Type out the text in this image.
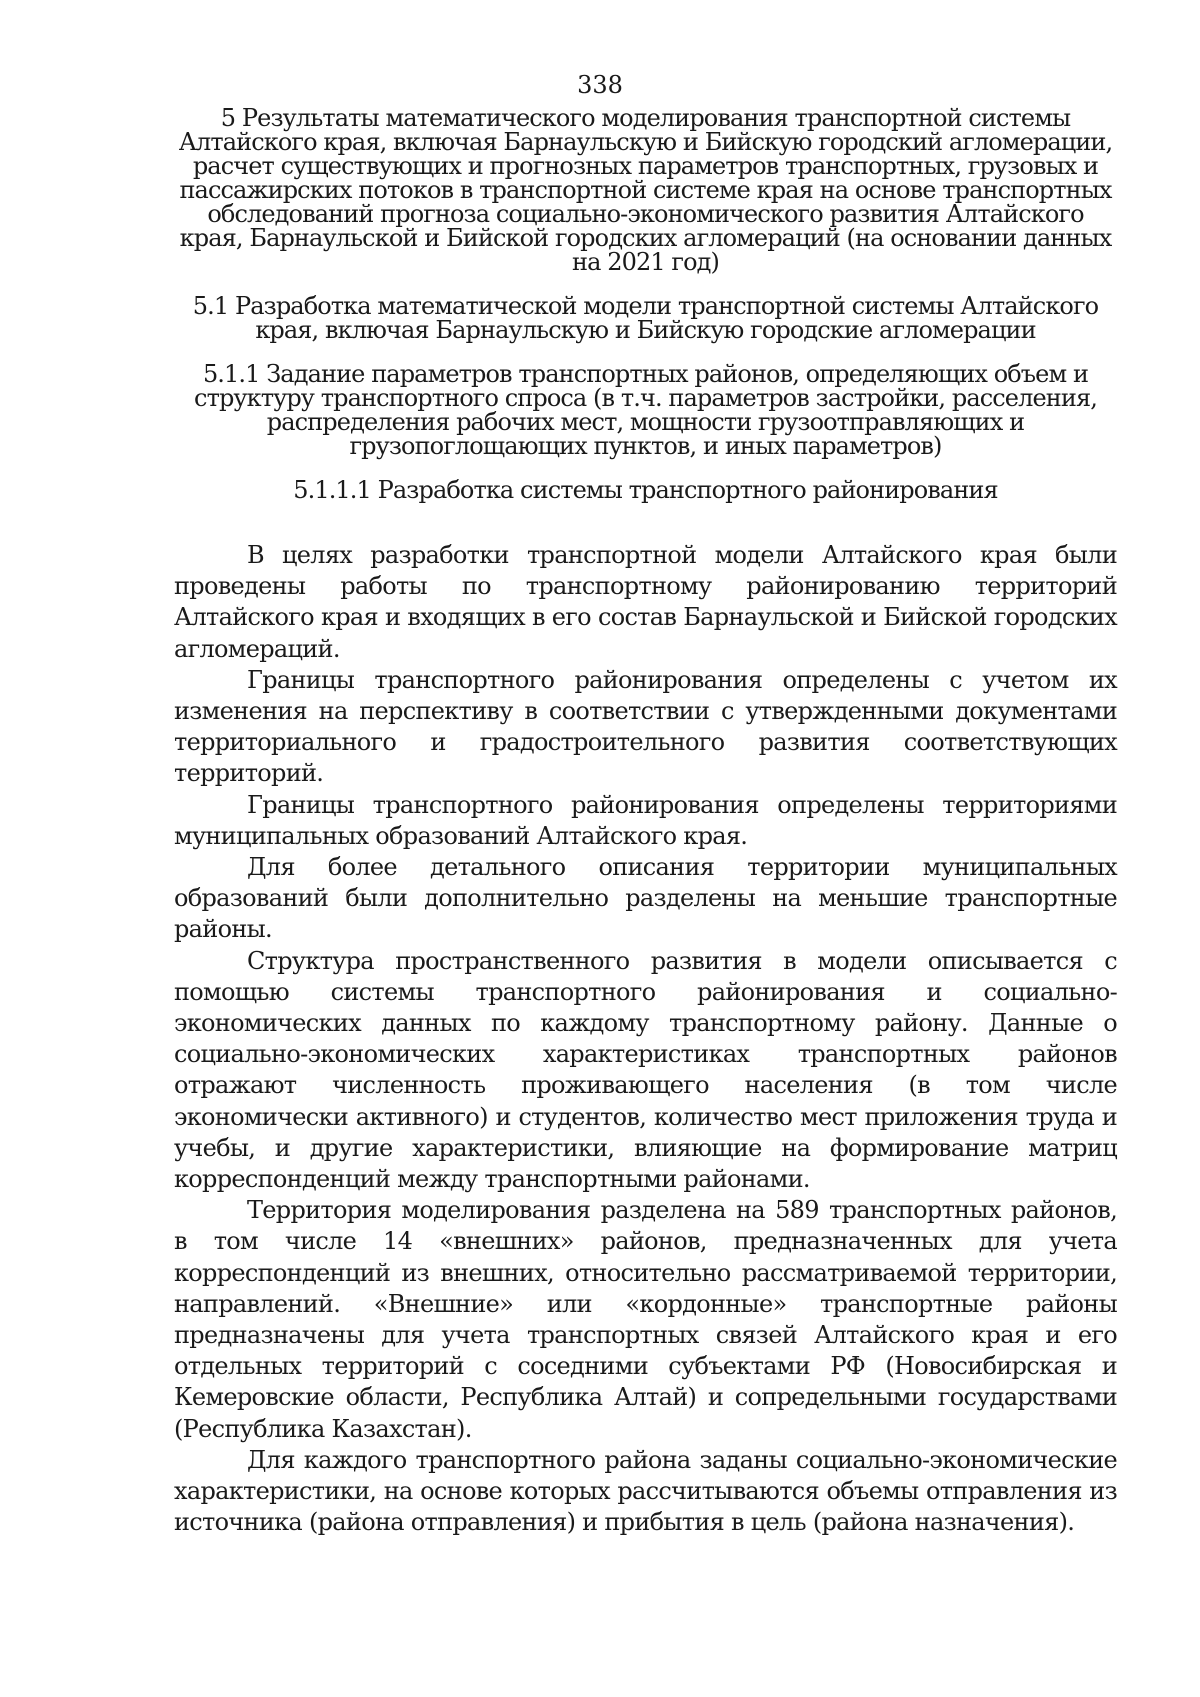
338
5 Результаты математического моделирования транспортной системы Алтайского края, включая Барнаульскую и Бийскую городский агломерации, расчет существующих и прогнозных параметров транспортных, грузовых и пассажирских потоков в транспортной системе края на основе транспортных обследований прогноза социально-экономического развития Алтайского края, Барнаульской и Бийской городских агломераций (на основании данных на 2021 год)
5.1 Разработка математической модели транспортной системы Алтайского края, включая Барнаульскую и Бийскую городские агломерации
5.1.1 Задание параметров транспортных районов, определяющих объем и структуру транспортного спроса (в т.ч. параметров застройки, расселения, распределения рабочих мест, мощности грузоотправляющих и грузопоглощающих пунктов, и иных параметров)
5.1.1.1 Разработка системы транспортного районирования

В целях разработки транспортной модели Алтайского края были проведены работы по транспортному районированию территорий Алтайского края и входящих в его состав Барнаульской и Бийской городских агломераций.

Границы транспортного районирования определены с учетом их изменения на перспективу в соответствии с утвержденными документами территориального и градостроительного развития соответствующих территорий.

Границы транспортного районирования определены территориями муниципальных образований Алтайского края.

Для более детального описания территории муниципальных образований были дополнительно разделены на меньшие транспортные районы.

Структура пространственного развития в модели описывается с помощью системы транспортного районирования и социально-экономических данных по каждому транспортному району. Данные о социально-экономических характеристиках транспортных районов отражают численность проживающего населения (в том числе экономически активного) и студентов, количество мест приложения труда и учебы, и другие характеристики, влияющие на формирование матриц корреспонденций между транспортными районами.

Территория моделирования разделена на 589 транспортных районов, в том числе 14 «внешних» районов, предназначенных для учета корреспонденций из внешних, относительно рассматриваемой территории, направлений. «Внешние» или «кордонные» транспортные районы предназначены для учета транспортных связей Алтайского края и его отдельных территорий с соседними субъектами РФ (Новосибирская и Кемеровские области, Республика Алтай) и сопредельными государствами (Республика Казахстан).

Для каждого транспортного района заданы социально-экономические характеристики, на основе которых рассчитываются объемы отправления из источника (района отправления) и прибытия в цель (района назначения).
